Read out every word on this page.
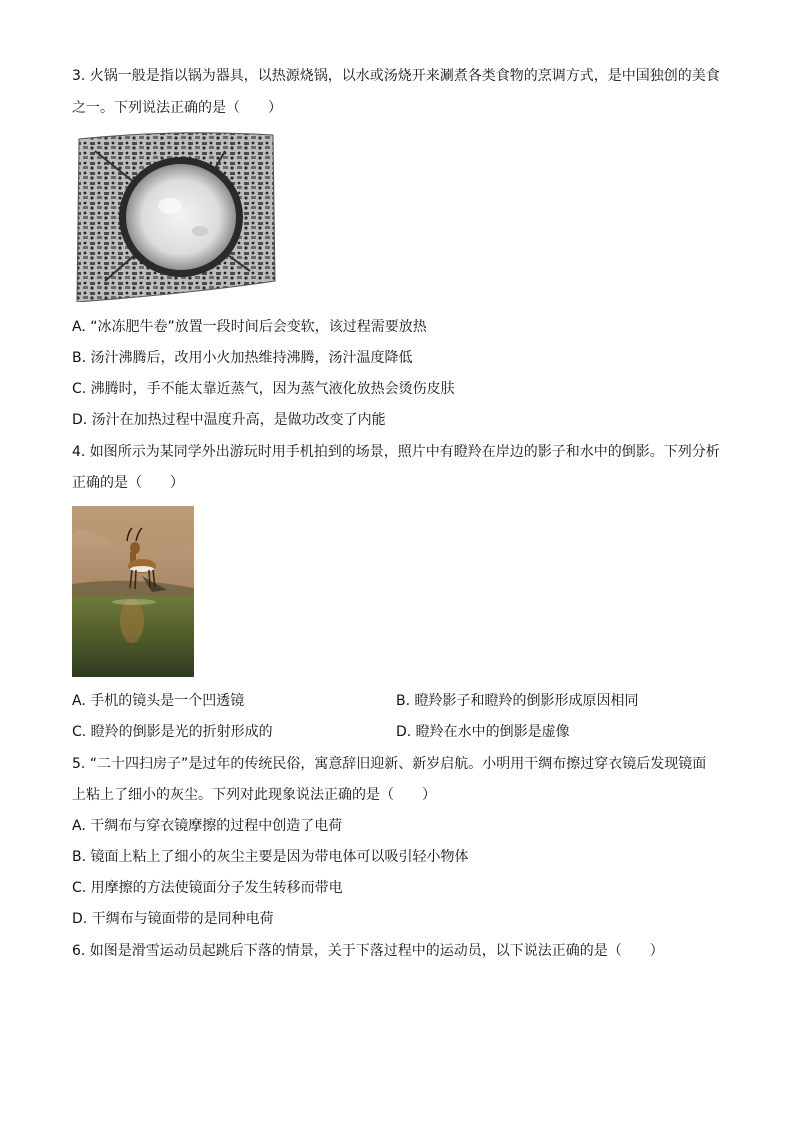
3. 火锅一般是指以锅为器具，以热源烧锅，以水或汤烧开来涮煮各类食物的烹调方式，是中国独创的美食
之一。下列说法正确的是（　　）
A. “冰冻肥牛卷”放置一段时间后会变软，该过程需要放热
B. 汤汁沸腾后，改用小火加热维持沸腾，汤汁温度降低
C. 沸腾时，手不能太靠近蒸气，因为蒸气液化放热会烫伤皮肤
D. 汤汁在加热过程中温度升高，是做功改变了内能
4. 如图所示为某同学外出游玩时用手机拍到的场景，照片中有瞪羚在岸边的影子和水中的倒影。下列分析
正确的是（　　）
A. 手机的镜头是一个凹透镜	B. 瞪羚影子和瞪羚的倒影形成原因相同
C. 瞪羚的倒影是光的折射形成的	D. 瞪羚在水中的倒影是虚像
5. “二十四扫房子”是过年的传统民俗，寓意辞旧迎新、新岁启航。小明用干绸布擦过穿衣镜后发现镜面
上粘上了细小的灰尘。下列对此现象说法正确的是（　　）
A. 干绸布与穿衣镜摩擦的过程中创造了电荷
B. 镜面上粘上了细小的灰尘主要是因为带电体可以吸引轻小物体
C. 用摩擦的方法使镜面分子发生转移而带电
D. 干绸布与镜面带的是同种电荷
6. 如图是滑雪运动员起跳后下落的情景，关于下落过程中的运动员，以下说法正确的是（　　）
